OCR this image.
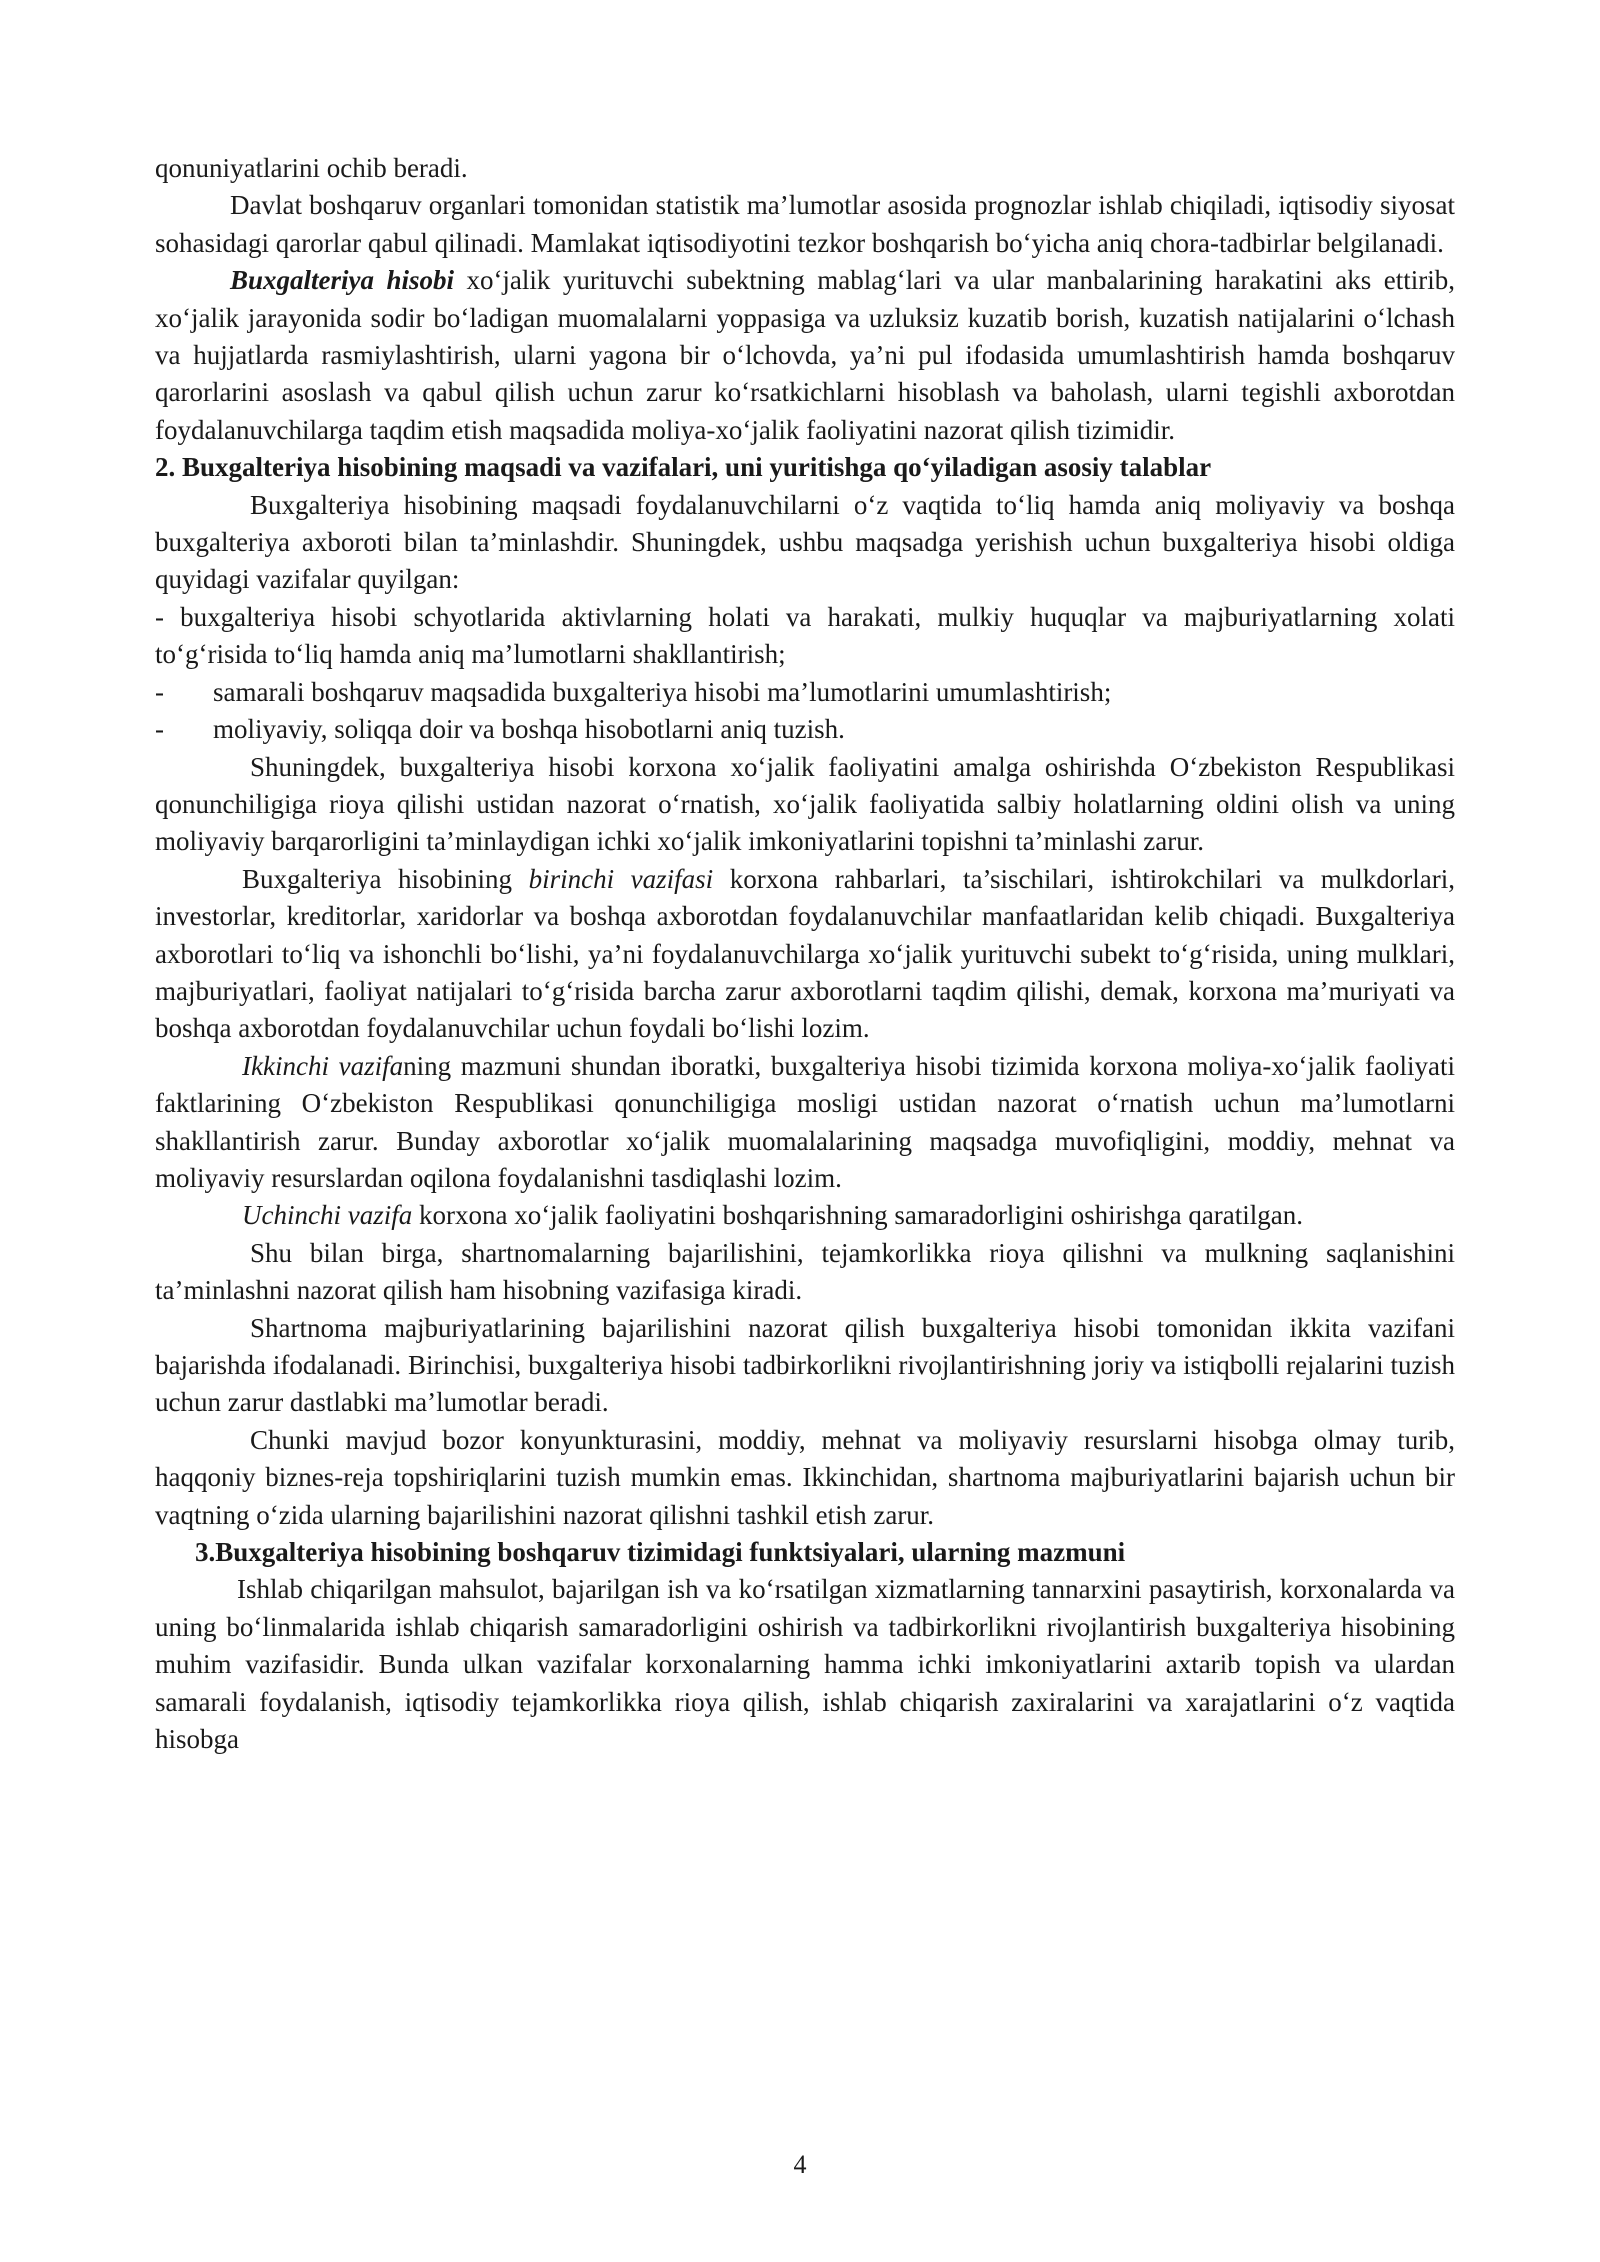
qonuniyatlarini ochib beradi.

Davlat boshqaruv organlari tomonidan statistik ma’lumotlar asosida prognozlar ishlab chiqiladi, iqtisodiy siyosat sohasidagi qarorlar qabul qilinadi. Mamlakat iqtisodiyotini tezkor boshqarish bo‘yicha aniq chora-tadbirlar belgilanadi.

Buxgalteriya hisobi xo‘jalik yurituvchi subektning mablag‘lari va ular manbalarining harakatini aks ettirib, xo‘jalik jarayonida sodir bo‘ladigan muomalalarni yoppasiga va uzluksiz kuzatib borish, kuzatish natijalarini o‘lchash va hujjatlarda rasmiylashtirish, ularni yagona bir o‘lchovda, ya’ni pul ifodasida umumlashtirish hamda boshqaruv qarorlarini asoslash va qabul qilish uchun zarur ko‘rsatkichlarni hisoblash va baholash, ularni tegishli axborotdan foydalanuvchilarga taqdim etish maqsadida moliya-xo‘jalik faoliyatini nazorat qilish tizimidir.

2. Buxgalteriya hisobining maqsadi va vazifalari, uni yuritishga qo‘yiladigan asosiy talablar

Buxgalteriya hisobining maqsadi foydalanuvchilarni o‘z vaqtida to‘liq hamda aniq moliyaviy va boshqa buxgalteriya axboroti bilan ta’minlashdir. Shuningdek, ushbu maqsadga yerishish uchun buxgalteriya hisobi oldiga quyidagi vazifalar quyilgan:

- buxgalteriya hisobi schyotlarida aktivlarning holati va harakati, mulkiy huquqlar va majburiyatlarning xolati to‘g‘risida to‘liq hamda aniq ma’lumotlarni shakllantirish;

-	samarali boshqaruv maqsadida buxgalteriya hisobi ma’lumotlarini umumlashtirish;
-	moliyaviy, soliqqa doir va boshqa hisobotlarni aniq tuzish.

Shuningdek, buxgalteriya hisobi korxona xo‘jalik faoliyatini amalga oshirishda O‘zbekiston Respublikasi qonunchiligiga rioya qilishi ustidan nazorat o‘rnatish, xo‘jalik faoliyatida salbiy holatlarning oldini olish va uning moliyaviy barqarorligini ta’minlaydigan ichki xo‘jalik imkoniyatlarini topishni ta’minlashi zarur.

Buxgalteriya hisobining birinchi vazifasi korxona rahbarlari, ta’sischilari, ishtirokchilari va mulkdorlari, investorlar, kreditorlar, xaridorlar va boshqa axborotdan foydalanuvchilar manfaatlaridan kelib chiqadi. Buxgalteriya axborotlari to‘liq va ishonchli bo‘lishi, ya’ni foydalanuvchilarga xo‘jalik yurituvchi subekt to‘g‘risida, uning mulklari, majburiyatlari, faoliyat natijalari to‘g‘risida barcha zarur axborotlarni taqdim qilishi, demak, korxona ma’muriyati va boshqa axborotdan foydalanuvchilar uchun foydali bo‘lishi lozim.

Ikkinchi vazifaning mazmuni shundan iboratki, buxgalteriya hisobi tizimida korxona moliya-xo‘jalik faoliyati faktlarining O‘zbekiston Respublikasi qonunchiligiga mosligi ustidan nazorat o‘rnatish uchun ma’lumotlarni shakllantirish zarur. Bunday axborotlar xo‘jalik muomalalarining maqsadga muvofiqligini, moddiy, mehnat va moliyaviy resurslardan oqilona foydalanishni tasdiqlashi lozim.

Uchinchi vazifa korxona xo‘jalik faoliyatini boshqarishning samaradorligini oshirishga qaratilgan.

Shu bilan birga, shartnomalarning bajarilishini, tejamkorlikka rioya qilishni va mulkning saqlanishini ta’minlashni nazorat qilish ham hisobning vazifasiga kiradi.

Shartnoma majburiyatlarining bajarilishini nazorat qilish buxgalteriya hisobi tomonidan ikkita vazifani bajarishda ifodalanadi. Birinchisi, buxgalteriya hisobi tadbirkorlikni rivojlantirishning joriy va istiqbolli rejalarini tuzish uchun zarur dastlabki ma’lumotlar beradi.

Chunki mavjud bozor konyunkturasini, moddiy, mehnat va moliyaviy resurslarni hisobga olmay turib, haqqoniy biznes-reja topshiriqlarini tuzish mumkin emas. Ikkinchidan, shartnoma majburiyatlarini bajarish uchun bir vaqtning o‘zida ularning bajarilishini nazorat qilishni tashkil etish zarur.

3.Buxgalteriya hisobining boshqaruv tizimidagi funktsiyalari, ularning mazmuni

Ishlab chiqarilgan mahsulot, bajarilgan ish va ko‘rsatilgan xizmatlarning tannarxini pasaytirish, korxonalarda va uning bo‘linmalarida ishlab chiqarish samaradorligini oshirish va tadbirkorlikni rivojlantirish buxgalteriya hisobining muhim vazifasidir. Bunda ulkan vazifalar korxonalarning hamma ichki imkoniyatlarini axtarib topish va ulardan samarali foydalanish, iqtisodiy tejamkorlikka rioya qilish, ishlab chiqarish zaxiralarini va xarajatlarini o‘z vaqtida hisobga

4
